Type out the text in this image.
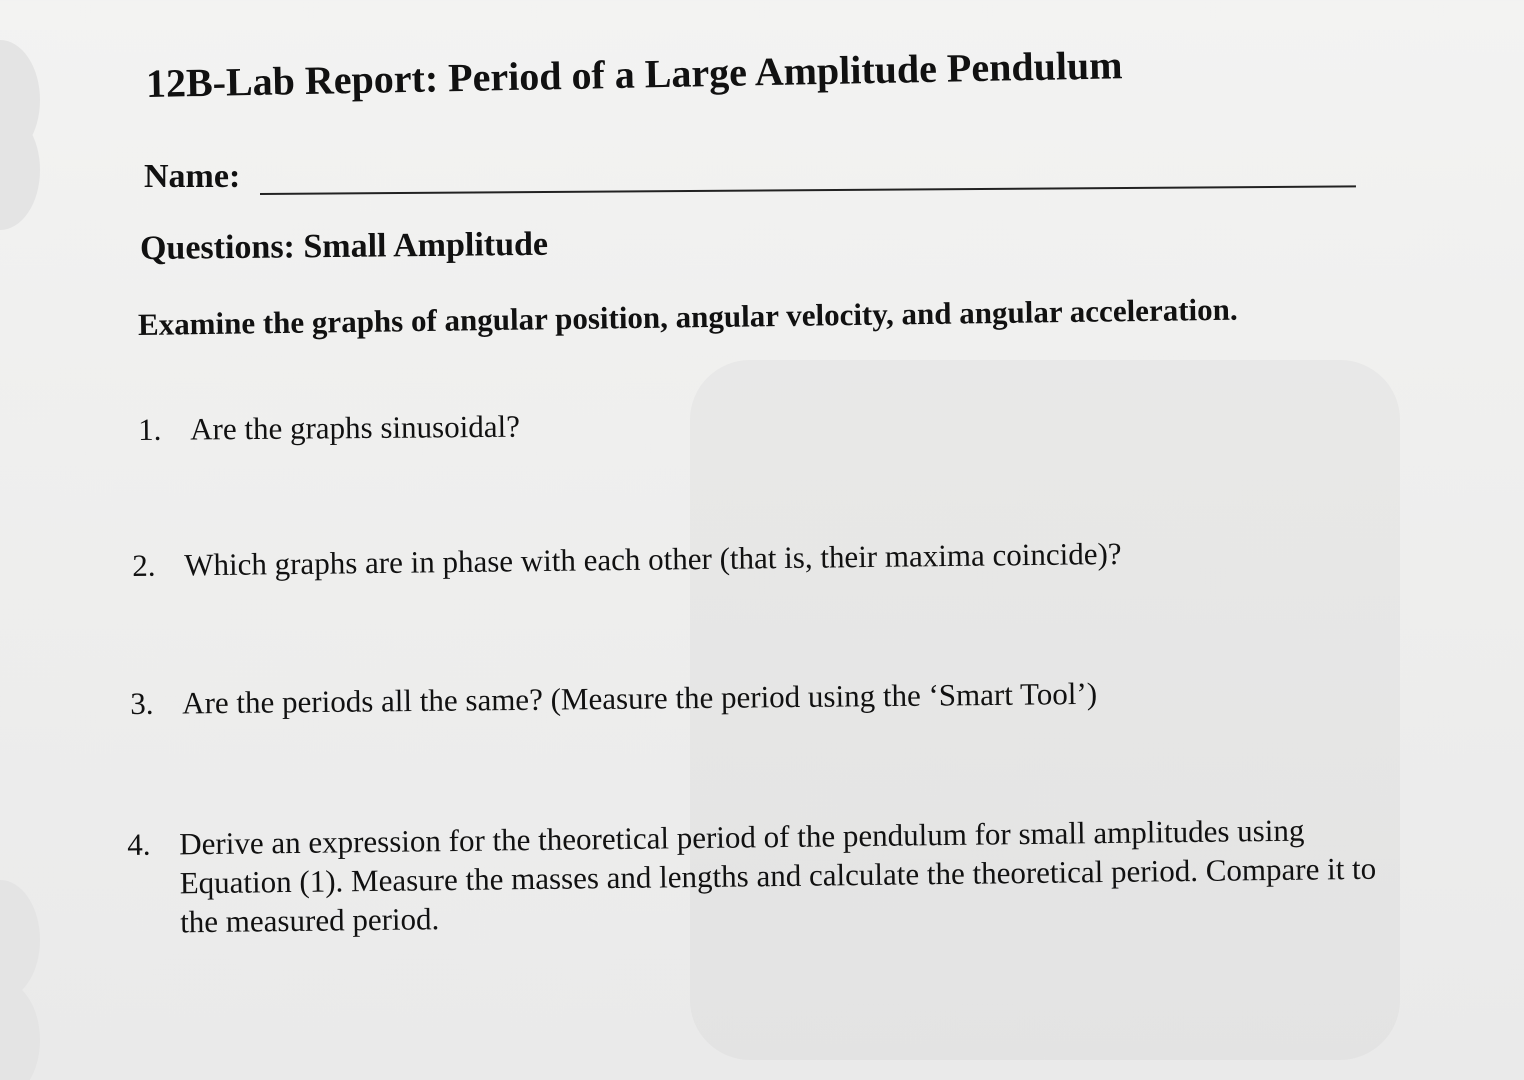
12B-Lab Report: Period of a Large Amplitude Pendulum
Name:
Questions: Small Amplitude
Examine the graphs of angular position, angular velocity, and angular acceleration.
1. Are the graphs sinusoidal?
2. Which graphs are in phase with each other (that is, their maxima coincide)?
3. Are the periods all the same? (Measure the period using the ‘Smart Tool’)
4. Derive an expression for the theoretical period of the pendulum for small amplitudes using Equation (1). Measure the masses and lengths and calculate the theoretical period. Compare it to the measured period.
